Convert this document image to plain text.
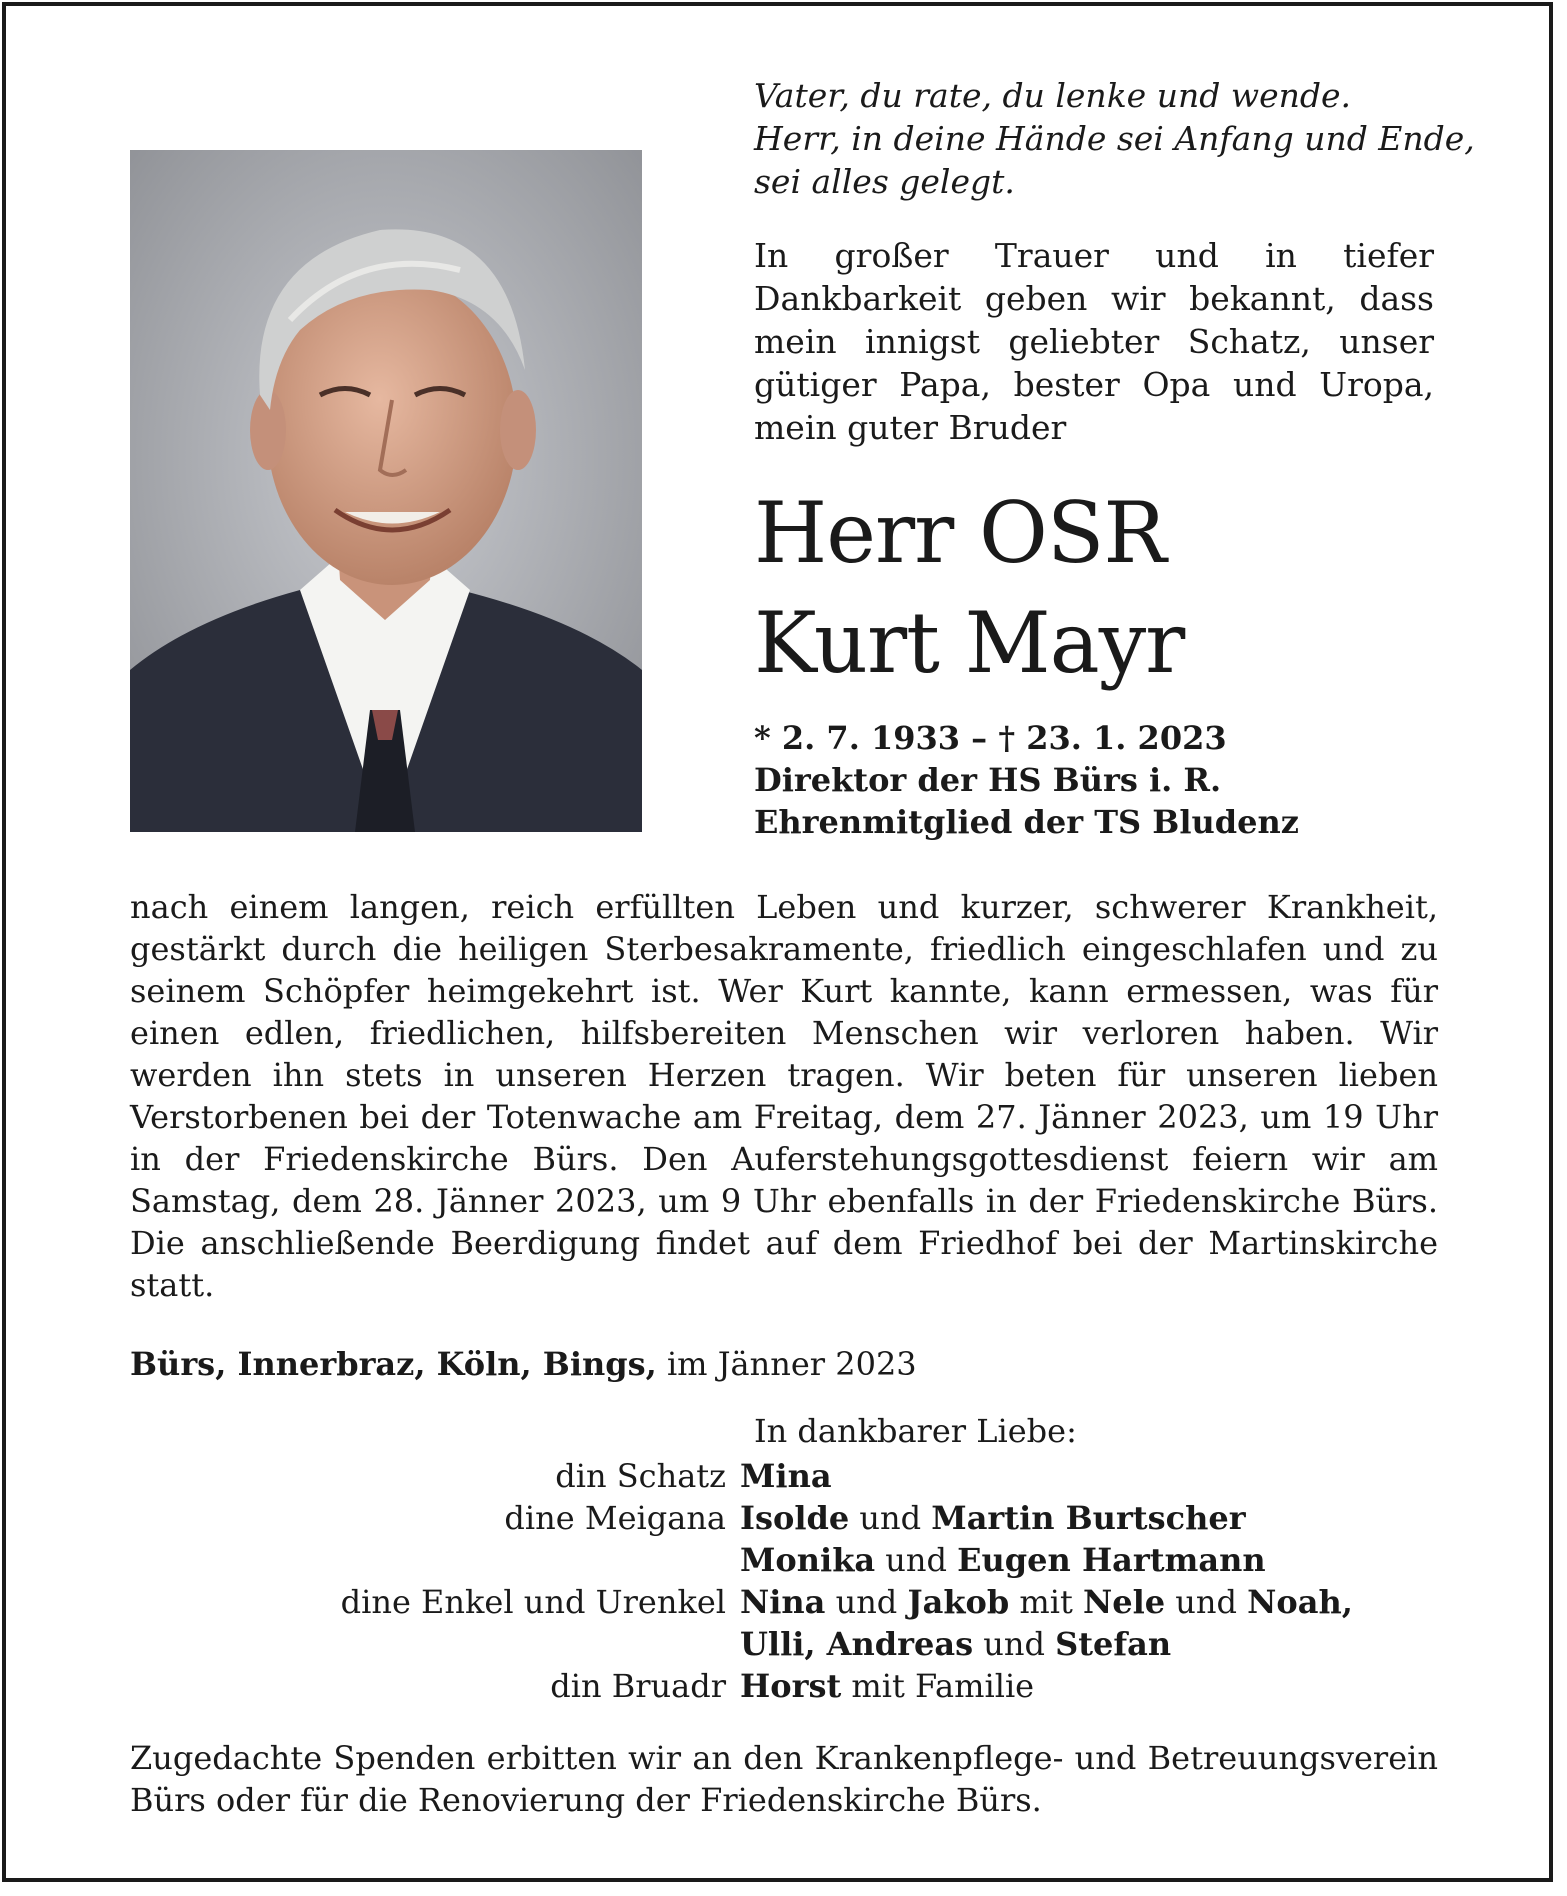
Vater, du rate, du lenke und wende.
Herr, in deine Hände sei Anfang und Ende,
sei alles gelegt.

In großer Trauer und in tiefer Dankbarkeit geben wir bekannt, dass mein innigst geliebter Schatz, unser gütiger Papa, bester Opa und Uropa, mein guter Bruder

Herr OSR
Kurt Mayr
* 2. 7. 1933 – † 23. 1. 2023
Direktor der HS Bürs i. R.
Ehrenmitglied der TS Bludenz

nach einem langen, reich erfüllten Leben und kurzer, schwerer Krankheit, gestärkt durch die heiligen Sterbesakramente, friedlich eingeschlafen und zu seinem Schöpfer heimgekehrt ist. Wer Kurt kannte, kann ermessen, was für einen edlen, friedlichen, hilfsbereiten Menschen wir verloren haben. Wir werden ihn stets in unseren Herzen tragen. Wir beten für unseren lieben Verstorbenen bei der Totenwache am Freitag, dem 27. Jänner 2023, um 19 Uhr in der Friedenskirche Bürs. Den Auferstehungsgottesdienst feiern wir am Samstag, dem 28. Jänner 2023, um 9 Uhr ebenfalls in der Friedenskirche Bürs. Die anschließende Beerdigung findet auf dem Friedhof bei der Martinskirche statt.

Bürs, Innerbraz, Köln, Bings, im Jänner 2023
In dankbarer Liebe:
din Schatz Mina
dine Meigana Isolde und Martin Burtscher
Monika und Eugen Hartmann
dine Enkel und Urenkel Nina und Jakob mit Nele und Noah,
Ulli, Andreas und Stefan
din Bruadr Horst mit Familie

Zugedachte Spenden erbitten wir an den Krankenpflege- und Betreuungsverein Bürs oder für die Renovierung der Friedenskirche Bürs.
